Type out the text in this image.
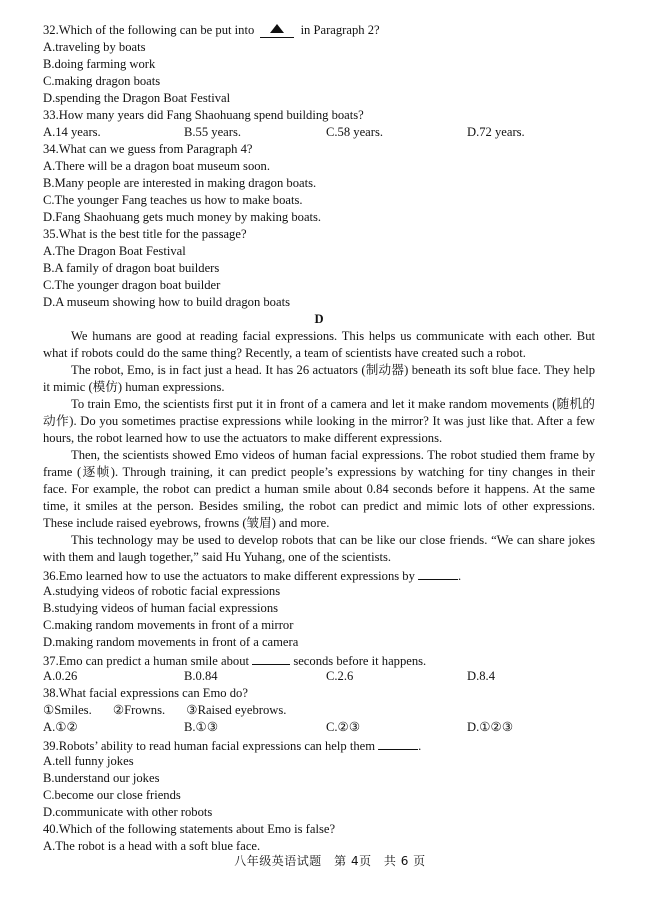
32.Which of the following can be put into	in Paragraph 2?
A.traveling by boats
B.doing farming work
C.making dragon boats
D.spending the Dragon Boat Festival
33.How many years did Fang Shaohuang spend building boats?
A.14 years.	B.55 years.	C.58 years.	D.72 years.
34.What can we guess from Paragraph 4?
A.There will be a dragon boat museum soon.
B.Many people are interested in making dragon boats.
C.The younger Fang teaches us how to make boats.
D.Fang Shaohuang gets much money by making boats.
35.What is the best title for the passage?
A.The Dragon Boat Festival
B.A family of dragon boat builders
C.The younger dragon boat builder
D.A museum showing how to build dragon boats
D

We humans are good at reading facial expressions. This helps us communicate with each other. But what if robots could do the same thing? Recently, a team of scientists have created such a robot.

The robot, Emo, is in fact just a head. It has 26 actuators (制动器) beneath its soft blue face. They help it mimic (模仿) human expressions.

To train Emo, the scientists first put it in front of a camera and let it make random movements (随机的动作). Do you sometimes practise expressions while looking in the mirror? It was just like that. After a few hours, the robot learned how to use the actuators to make different expressions.

Then, the scientists showed Emo videos of human facial expressions. The robot studied them frame by frame (逐帧). Through training, it can predict people’s expressions by watching for tiny changes in their face. For example, the robot can predict a human smile about 0.84 seconds before it happens. At the same time, it smiles at the person. Besides smiling, the robot can predict and mimic lots of other expressions. These include raised eyebrows, frowns (皱眉) and more.

This technology may be used to develop robots that can be like our close friends. “We can share jokes with them and laugh together,” said Hu Yuhang, one of the scientists.

36.Emo learned how to use the actuators to make different expressions by	.
A.studying videos of robotic facial expressions
B.studying videos of human facial expressions
C.making random movements in front of a mirror
D.making random movements in front of a camera
37.Emo can predict a human smile about	seconds before it happens.
A.0.26	B.0.84	C.2.6	D.8.4
38.What facial expressions can Emo do?
①Smiles. ②Frowns. ③Raised eyebrows.
A.①②	B.①③	C.②③	D.①②③
39.Robots’ ability to read human facial expressions can help them	.
A.tell funny jokes
B.understand our jokes
C.become our close friends
D.communicate with other robots
40.Which of the following statements about Emo is false?
A.The robot is a head with a soft blue face.
八年级英语试题 第 4页 共 6 页
